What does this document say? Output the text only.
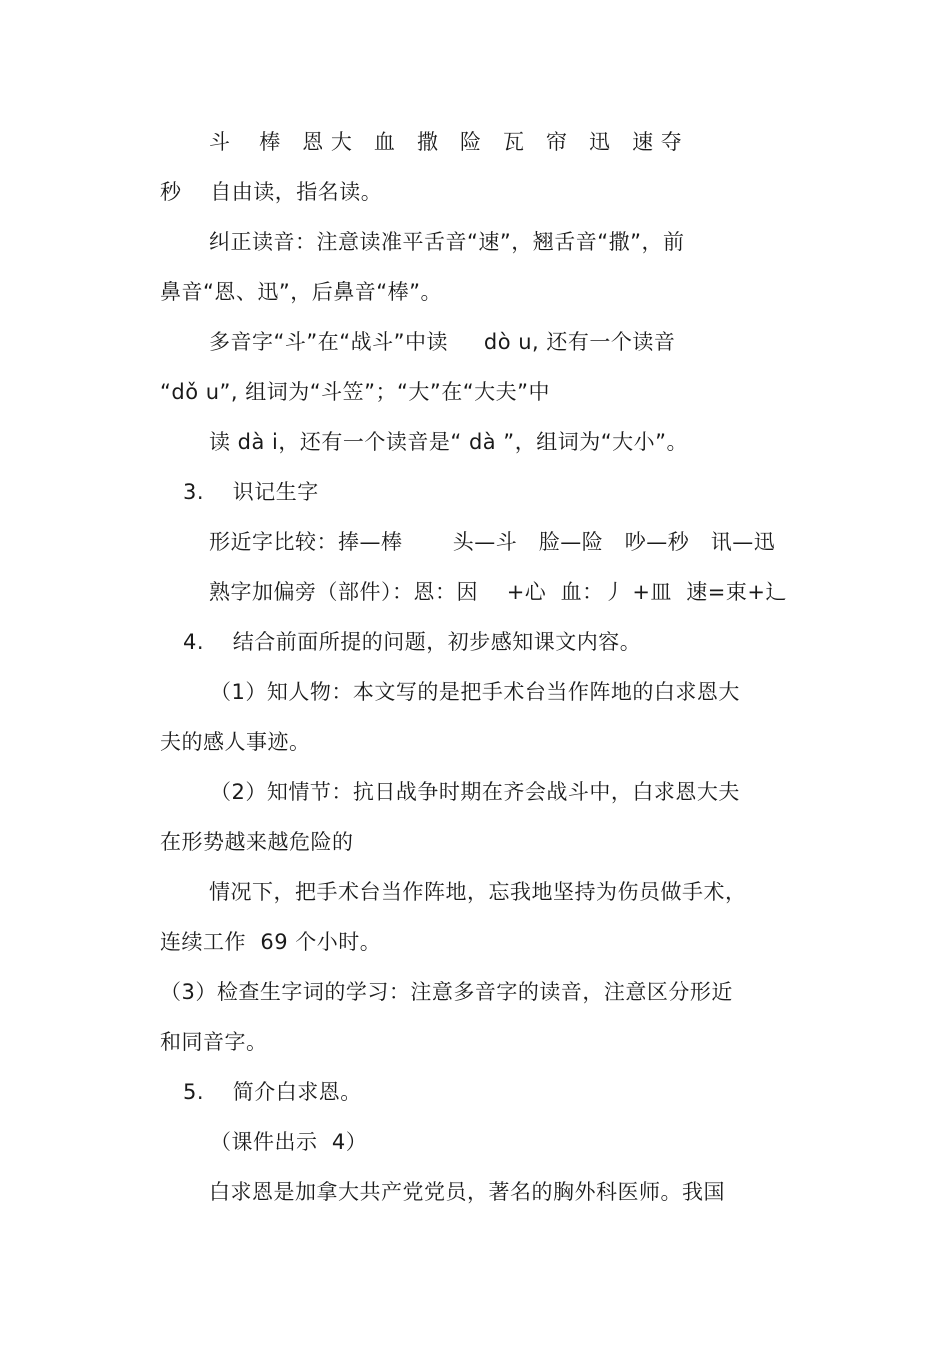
斗    棒   恩 大   血   撒   险   瓦   帘   迅   速 夺
秒    自由读，指名读。
纠正读音：注意读准平舌音“速”，翘舌音“撒”，前
鼻音“恩、迅”，后鼻音“棒”。
多音字“斗”在“战斗”中读     dò u, 还有一个读音
“dǒ u”, 组词为“斗笠”；“大”在“大夫”中
读 dà i，还有一个读音是“ dà ”，组词为“大小”。
3.    识记生字
形近字比较：捧—棒       头—斗   脸—险   吵—秒   讯—迅
熟字加偏旁（部件）：恩：因    +心  血：丿 +皿  速=束+辶
4.    结合前面所提的问题，初步感知课文内容。
（1）知人物：本文写的是把手术台当作阵地的白求恩大
夫的感人事迹。
（2）知情节：抗日战争时期在齐会战斗中，白求恩大夫
在形势越来越危险的
情况下，把手术台当作阵地，忘我地坚持为伤员做手术，
连续工作  69 个小时。
（3）检查生字词的学习：注意多音字的读音，注意区分形近
和同音字。
5.    简介白求恩。
（课件出示  4）
白求恩是加拿大共产党党员，著名的胸外科医师。我国
